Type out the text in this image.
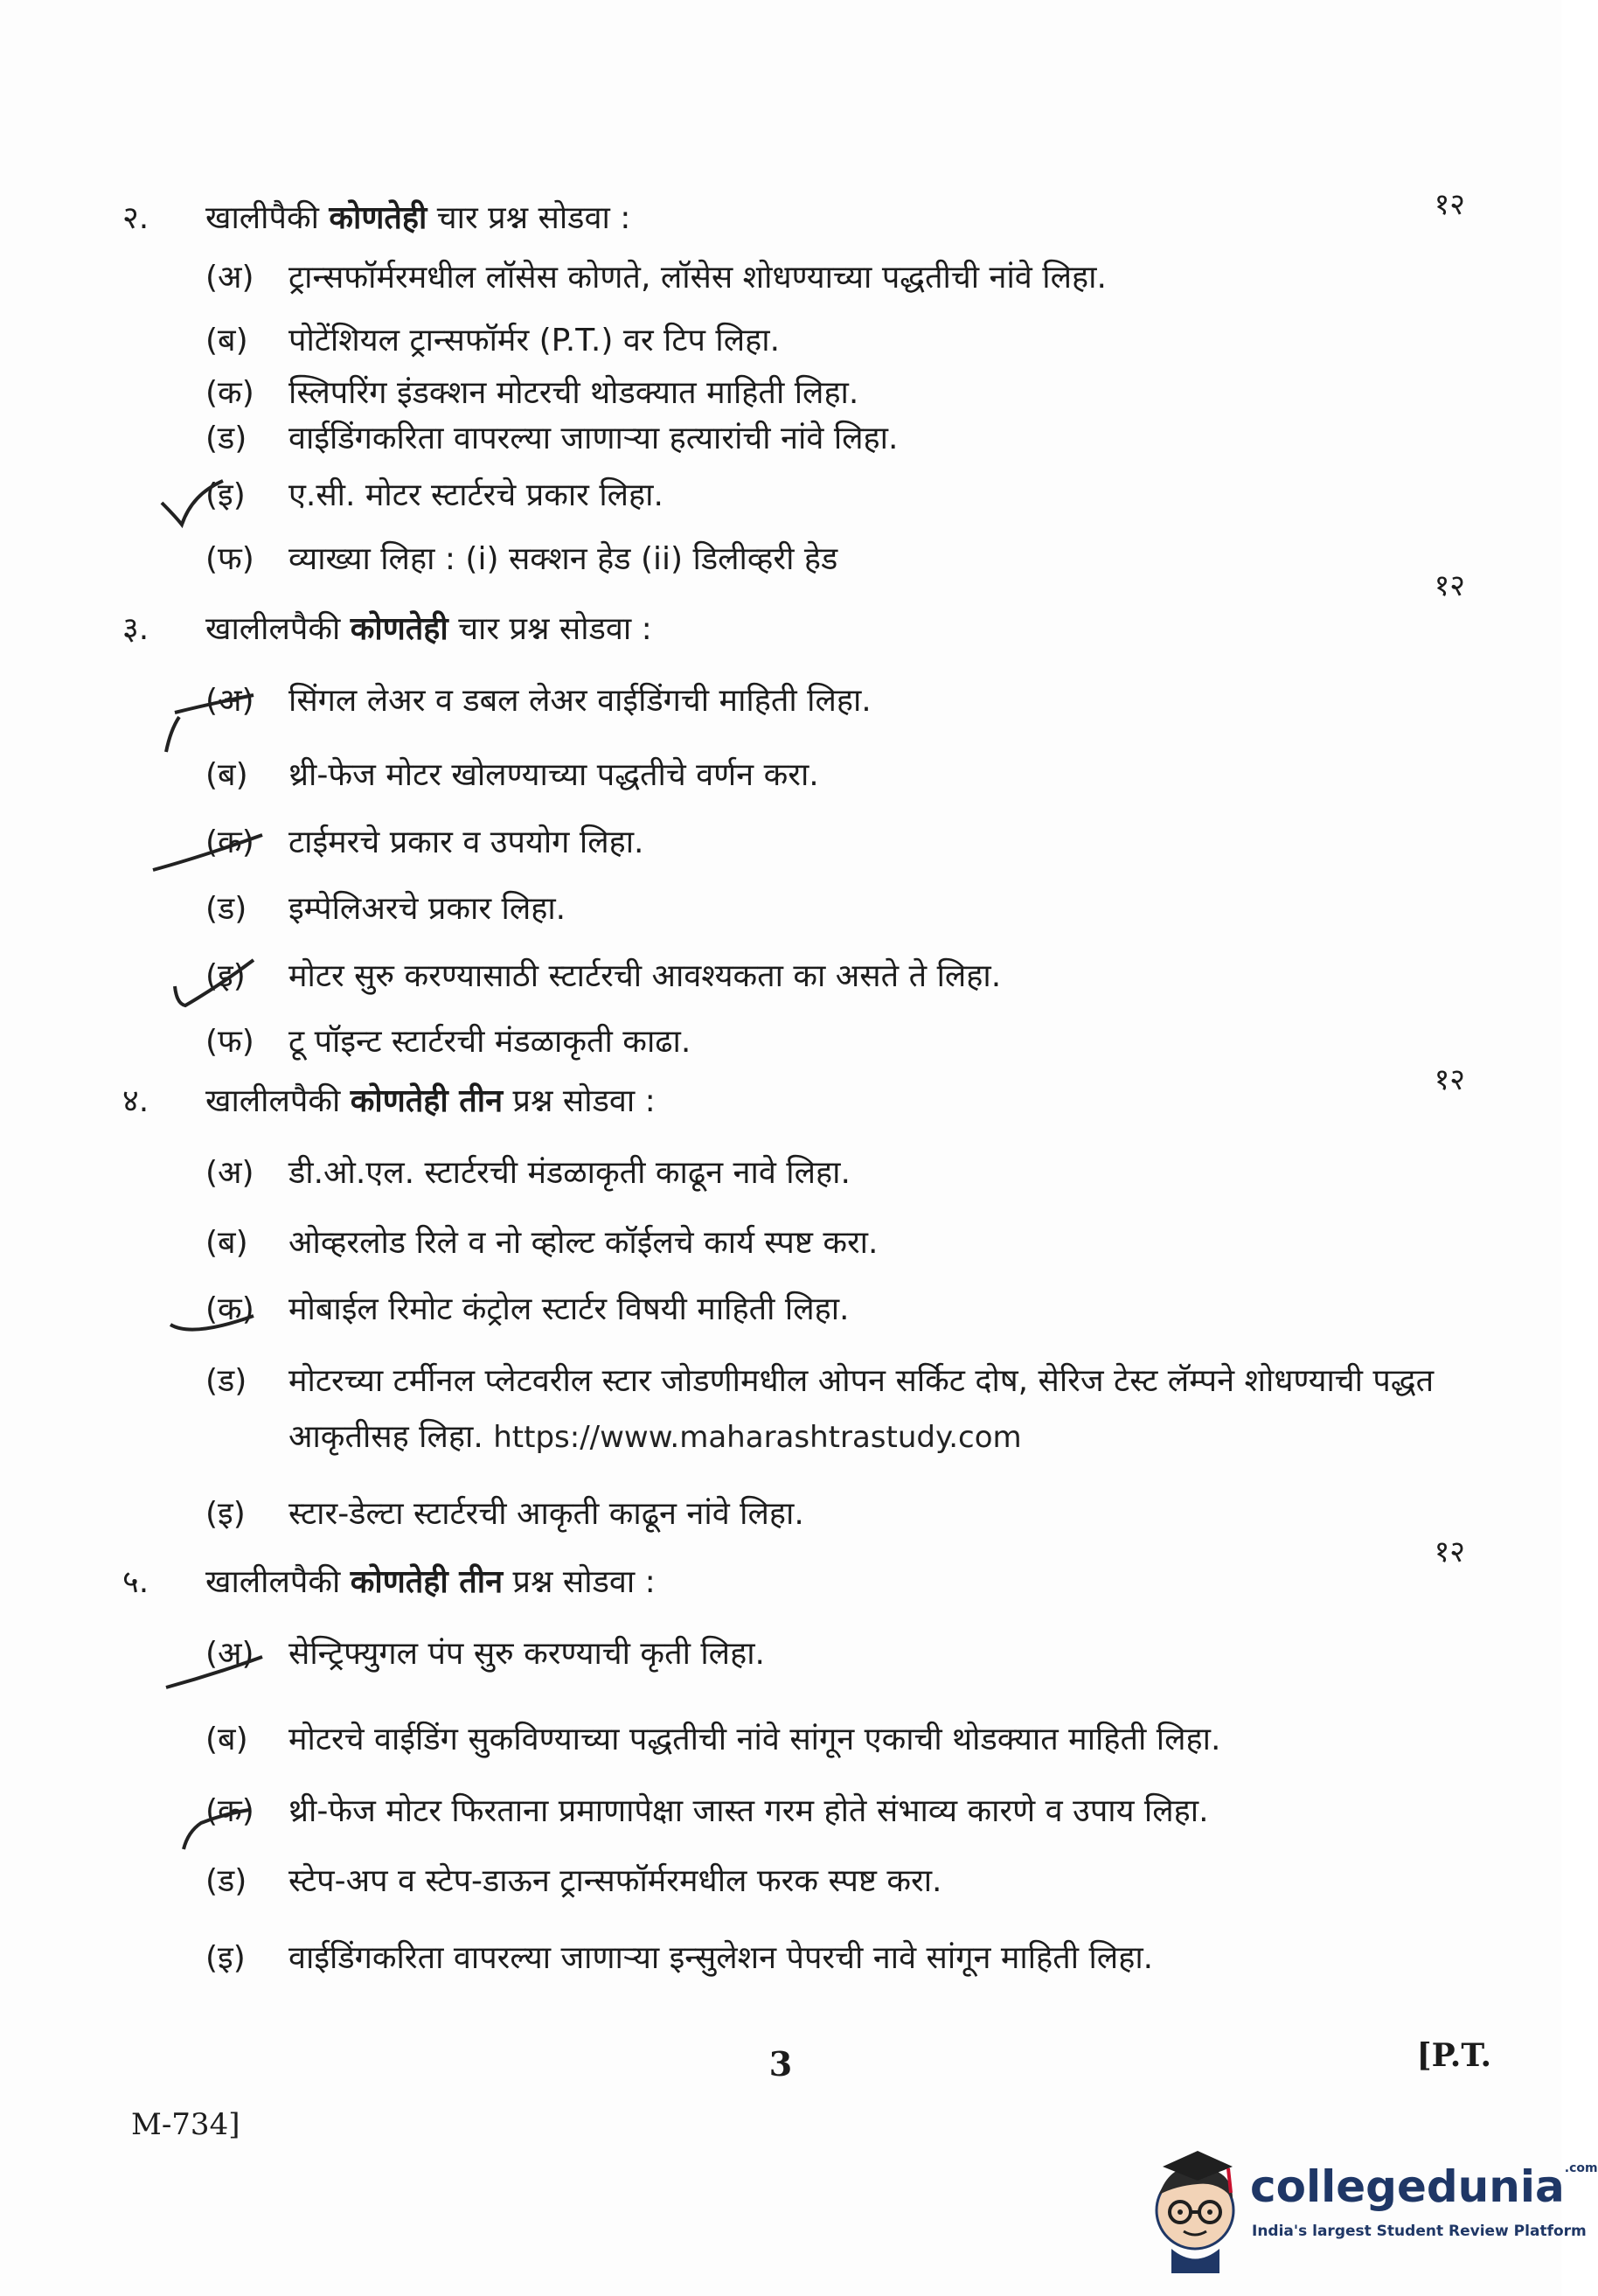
२. खालीपैकी कोणतेही चार प्रश्न सोडवा :	१२
(अ) ट्रान्सफॉर्मरमधील लॉसेस कोणते, लॉसेस शोधण्याच्या पद्धतीची नांवे लिहा.
(ब) पोटेंशियल ट्रान्सफॉर्मर (P.T.) वर टिप लिहा.
(क) स्लिपरिंग इंडक्शन मोटरची थोडक्यात माहिती लिहा.
(ड) वाईडिंगकरिता वापरल्या जाणाऱ्या हत्यारांची नांवे लिहा.
(इ) ए.सी. मोटर स्टार्टरचे प्रकार लिहा.
(फ) व्याख्या लिहा : (i) सक्शन हेड (ii) डिलीव्हरी हेड
१२
३. खालीलपैकी कोणतेही चार प्रश्न सोडवा :
(अ) सिंगल लेअर व डबल लेअर वाईडिंगची माहिती लिहा.
(ब) थ्री-फेज मोटर खोलण्याच्या पद्धतीचे वर्णन करा.
(क) टाईमरचे प्रकार व उपयोग लिहा.
(ड) इम्पेलिअरचे प्रकार लिहा.
(इ) मोटर सुरु करण्यासाठी स्टार्टरची आवश्यकता का असते ते लिहा.
(फ) टू पॉइन्ट स्टार्टरची मंडळाकृती काढा.
१२
४. खालीलपैकी कोणतेही तीन प्रश्न सोडवा :
(अ) डी.ओ.एल. स्टार्टरची मंडळाकृती काढून नावे लिहा.
(ब) ओव्हरलोड रिले व नो व्होल्ट कॉईलचे कार्य स्पष्ट करा.
(क) मोबाईल रिमोट कंट्रोल स्टार्टर विषयी माहिती लिहा.
(ड) मोटरच्या टर्मीनल प्लेटवरील स्टार जोडणीमधील ओपन सर्किट दोष, सेरिज टेस्ट लॅम्पने शोधण्याची पद्धत आकृतीसह लिहा. https://www.maharashtrastudy.com
(इ) स्टार-डेल्टा स्टार्टरची आकृती काढून नांवे लिहा.
१२
५. खालीलपैकी कोणतेही तीन प्रश्न सोडवा :
(अ) सेन्ट्रिफ्युगल पंप सुरु करण्याची कृती लिहा.
(ब) मोटरचे वाईडिंग सुकविण्याच्या पद्धतीची नांवे सांगून एकाची थोडक्यात माहिती लिहा.
(क) थ्री-फेज मोटर फिरताना प्रमाणापेक्षा जास्त गरम होते संभाव्य कारणे व उपाय लिहा.
(ड) स्टेप-अप व स्टेप-डाऊन ट्रान्सफॉर्मरमधील फरक स्पष्ट करा.
(इ) वाईडिंगकरिता वापरल्या जाणाऱ्या इन्सुलेशन पेपरची नावे सांगून माहिती लिहा.
3	[P.T.
M-734]
collegedunia$^{.com}$
India's largest Student Review Platform
